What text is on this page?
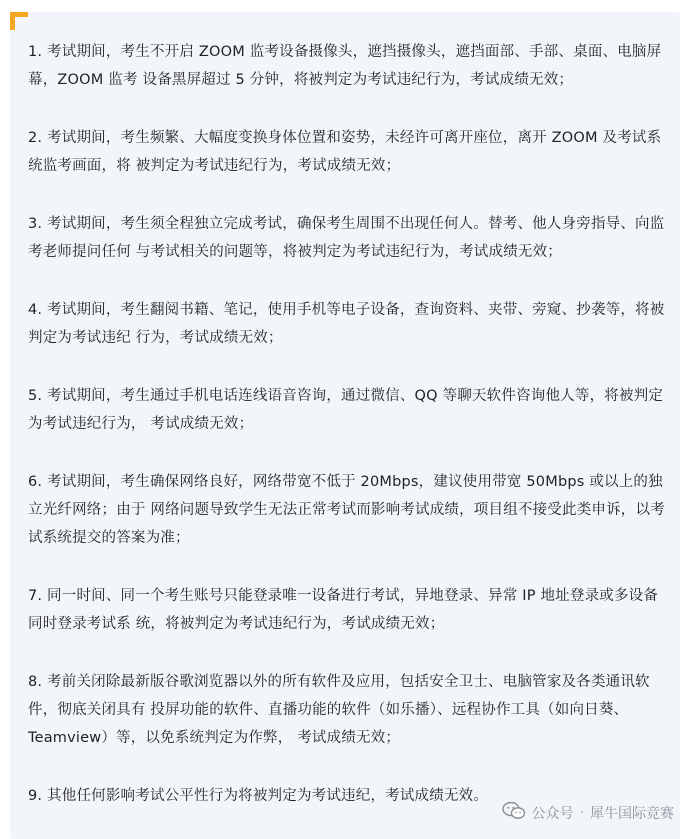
1. 考试期间，考生不开启 ZOOM 监考设备摄像头，遮挡摄像头，遮挡面部、手部、桌面、电脑屏幕，ZOOM 监考 设备黑屏超过 5 分钟，将被判定为考试违纪行为，考试成绩无效；
2. 考试期间，考生频繁、大幅度变换身体位置和姿势，未经许可离开座位，离开 ZOOM 及考试系统监考画面，将 被判定为考试违纪行为，考试成绩无效；
3. 考试期间，考生须全程独立完成考试，确保考生周围不出现任何人。替考、他人身旁指导、向监考老师提问任何 与考试相关的问题等，将被判定为考试违纪行为，考试成绩无效；
4. 考试期间，考生翻阅书籍、笔记，使用手机等电子设备，查询资料、夹带、旁窥、抄袭等，将被判定为考试违纪 行为，考试成绩无效；
5. 考试期间，考生通过手机电话连线语音咨询，通过微信、QQ 等聊天软件咨询他人等，将被判定为考试违纪行为， 考试成绩无效；
6. 考试期间，考生确保网络良好，网络带宽不低于 20Mbps，建议使用带宽 50Mbps 或以上的独立光纤网络；由于 网络问题导致学生无法正常考试而影响考试成绩，项目组不接受此类申诉，以考试系统提交的答案为准；
7. 同一时间、同一个考生账号只能登录唯一设备进行考试，异地登录、异常 IP 地址登录或多设备同时登录考试系 统，将被判定为考试违纪行为，考试成绩无效；
8. 考前关闭除最新版谷歌浏览器以外的所有软件及应用，包括安全卫士、电脑管家及各类通讯软件，彻底关闭具有 投屏功能的软件、直播功能的软件（如乐播）、远程协作工具（如向日葵、Teamview）等，以免系统判定为作弊， 考试成绩无效；
9. 其他任何影响考试公平性行为将被判定为考试违纪，考试成绩无效。
公众号 · 犀牛国际竞赛
